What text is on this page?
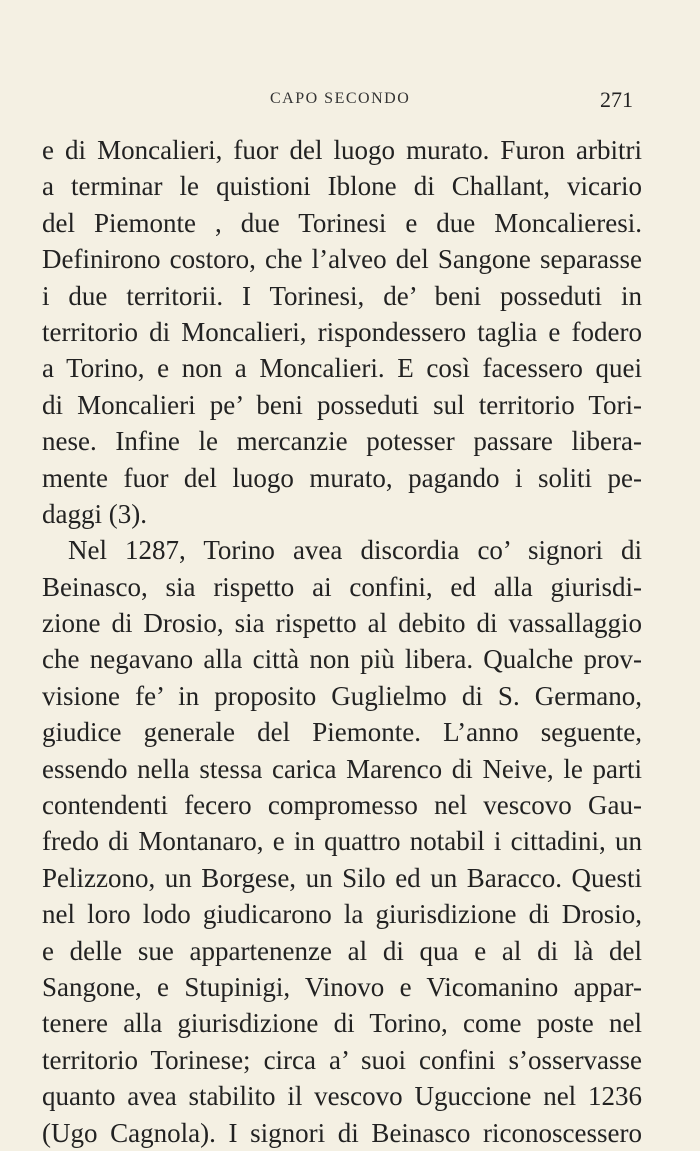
CAPO SECONDO	271
e di Moncalieri, fuor del luogo murato. Furon arbitri
a terminar le quistioni Iblone di Challant, vicario
del Piemonte , due Torinesi e due Moncalieresi.
Definirono costoro, che l’alveo del Sangone separasse
i due territorii. I Torinesi, de’ beni posseduti in
territorio di Moncalieri, rispondessero taglia e fodero
a Torino, e non a Moncalieri. E così facessero quei
di Moncalieri pe’ beni posseduti sul territorio Tori-
nese. Infine le mercanzie potesser passare libera-
mente fuor del luogo murato, pagando i soliti pe-
daggi (3).
Nel 1287, Torino avea discordia co’ signori di
Beinasco, sia rispetto ai confini, ed alla giurisdi-
zione di Drosio, sia rispetto al debito di vassallaggio
che negavano alla città non più libera. Qualche prov-
visione fe’ in proposito Guglielmo di S. Germano,
giudice generale del Piemonte. L’anno seguente,
essendo nella stessa carica Marenco di Neive, le parti
contendenti fecero compromesso nel vescovo Gau-
fredo di Montanaro, e in quattro notabil i cittadini, un
Pelizzono, un Borgese, un Silo ed un Baracco. Questi
nel loro lodo giudicarono la giurisdizione di Drosio,
e delle sue appartenenze al di qua e al di là del
Sangone, e Stupinigi, Vinovo e Vicomanino appar-
tenere alla giurisdizione di Torino, come poste nel
territorio Torinese; circa a’ suoi confini s’osservasse
quanto avea stabilito il vescovo Uguccione nel 1236
(Ugo Cagnola). I signori di Beinasco riconoscessero
